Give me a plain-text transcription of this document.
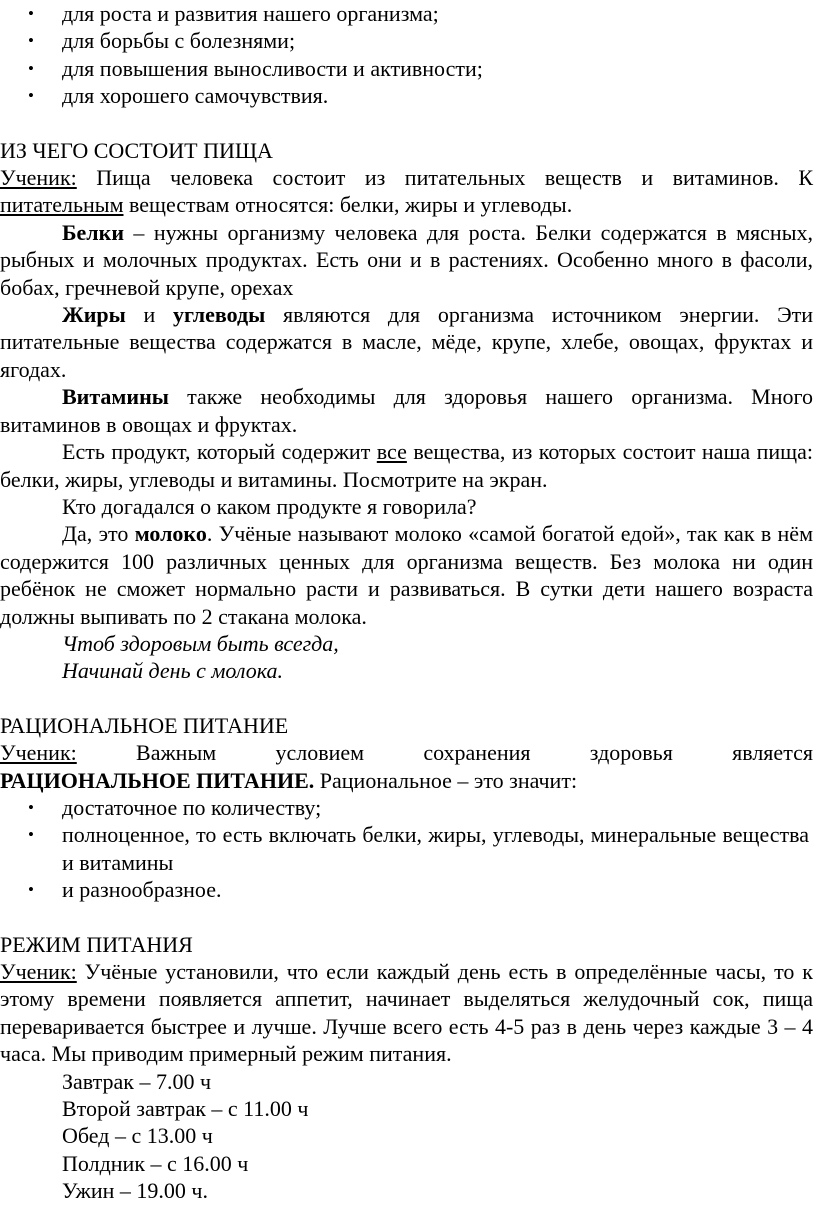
• для роста и развития нашего организма;
• для борьбы с болезнями;
• для повышения выносливости и активности;
• для хорошего самочувствия.

ИЗ ЧЕГО СОСТОИТ ПИЩА

Ученик: Пища человека состоит из питательных веществ и витаминов. К питательным веществам относятся: белки, жиры и углеводы.

Белки – нужны организму человека для роста. Белки содержатся в мясных, рыбных и молочных продуктах. Есть они и в растениях. Особенно много в фасоли, бобах, гречневой крупе, орехах

Жиры и углеводы являются для организма источником энергии. Эти питательные вещества содержатся в масле, мёде, крупе, хлебе, овощах, фруктах и ягодах.

Витамины также необходимы для здоровья нашего организма. Много витаминов в овощах и фруктах.

Есть продукт, который содержит все вещества, из которых состоит наша пища: белки, жиры, углеводы и витамины. Посмотрите на экран.

Кто догадался о каком продукте я говорила?

Да, это молоко. Учёные называют молоко «самой богатой едой», так как в нём содержится 100 различных ценных для организма веществ. Без молока ни один ребёнок не сможет нормально расти и развиваться. В сутки дети нашего возраста должны выпивать по 2 стакана молока.

Чтоб здоровым быть всегда,

Начинай день с молока.

РАЦИОНАЛЬНОЕ ПИТАНИЕ

Ученик:	Важным	условием	сохранения	здоровья	является

РАЦИОНАЛЬНОЕ ПИТАНИЕ. Рациональное – это значит:

• достаточное по количеству;
• полноценное, то есть включать белки, жиры, углеводы, минеральные вещества и витамины
• и разнообразное.

РЕЖИМ ПИТАНИЯ

Ученик: Учёные установили, что если каждый день есть в определённые часы, то к этому времени появляется аппетит, начинает выделяться желудочный сок, пища переваривается быстрее и лучше. Лучше всего есть 4-5 раз в день через каждые 3 – 4 часа. Мы приводим примерный режим питания.

Завтрак – 7.00 ч

Второй завтрак – с 11.00 ч

Обед – с 13.00 ч

Полдник – с 16.00 ч

Ужин – 19.00 ч.
